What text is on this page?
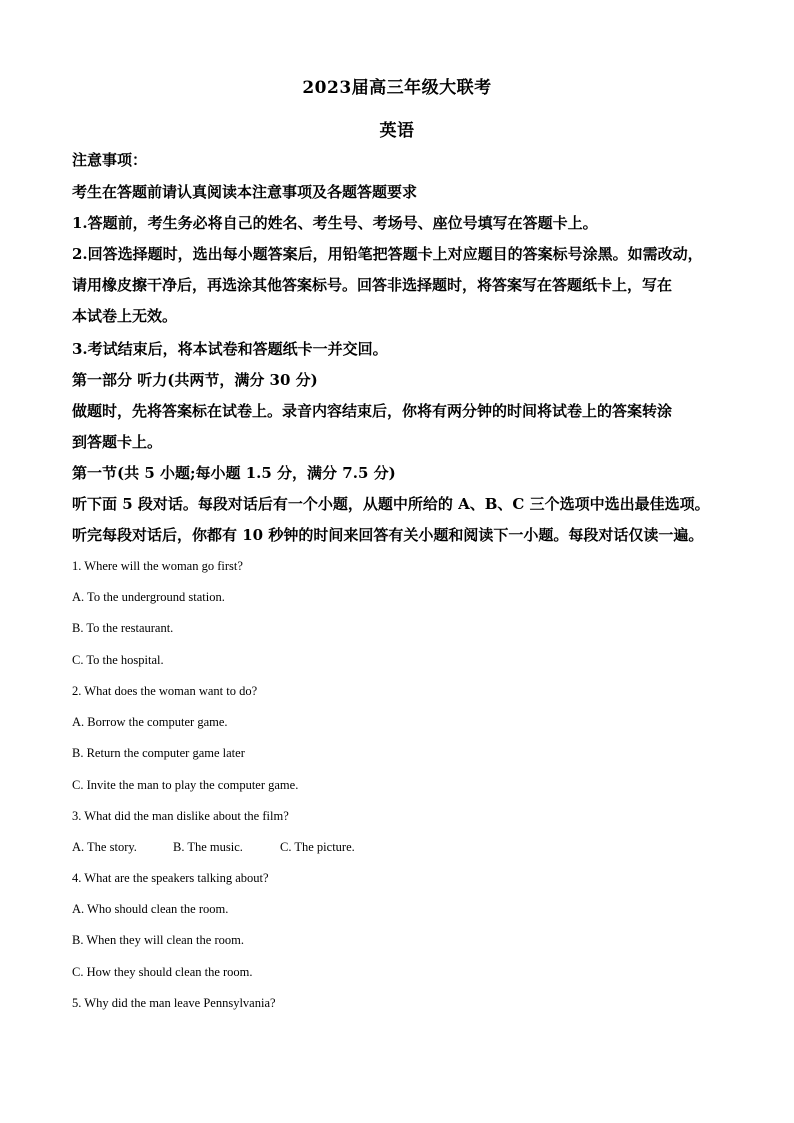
2023届高三年级大联考
英语
注意事项：
考生在答题前请认真阅读本注意事项及各题答题要求
1.答题前，考生务必将自己的姓名、考生号、考场号、座位号填写在答题卡上。
2.回答选择题时，选出每小题答案后，用铅笔把答题卡上对应题目的答案标号涂黑。如需改动，
请用橡皮擦干净后，再选涂其他答案标号。回答非选择题时，将答案写在答题纸卡上，写在
本试卷上无效。
3.考试结束后，将本试卷和答题纸卡一并交回。
第一部分 听力(共两节，满分 30 分)
做题时，先将答案标在试卷上。录音内容结束后，你将有两分钟的时间将试卷上的答案转涂
到答题卡上。
第一节(共 5 小题;每小题 1.5 分，满分 7.5 分)
听下面 5 段对话。每段对话后有一个小题，从题中所给的 A、B、C 三个选项中选出最佳选项。
听完每段对话后，你都有 10 秒钟的时间来回答有关小题和阅读下一小题。每段对话仅读一遍。
1. Where will the woman go first?
A. To the underground station.
B. To the restaurant.
C. To the hospital.
2. What does the woman want to do?
A. Borrow the computer game.
B. Return the computer game later
C. Invite the man to play the computer game.
3. What did the man dislike about the film?
A. The story.	B. The music.	C. The picture.
4. What are the speakers talking about?
A. Who should clean the room.
B. When they will clean the room.
C. How they should clean the room.
5. Why did the man leave Pennsylvania?
